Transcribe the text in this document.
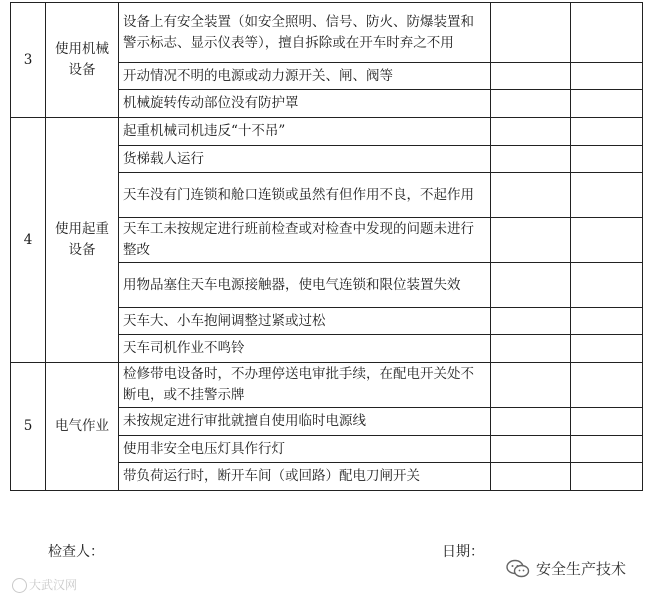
3	使用机械设备	设备上有安全装置（如安全照明、信号、防火、防爆装置和警示标志、显示仪表等），擅自拆除或在开车时弃之不用		
		开动情况不明的电源或动力源开关、闸、阀等		
		机械旋转传动部位没有防护罩		
4	使用起重设备	起重机械司机违反“十不吊”		
		货梯载人运行		
		天车没有门连锁和舱口连锁或虽然有但作用不良，不起作用		
		天车工未按规定进行班前检查或对检查中发现的问题未进行整改		
		用物品塞住天车电源接触器，使电气连锁和限位装置失效		
		天车大、小车抱闸调整过紧或过松		
		天车司机作业不鸣铃		
5	电气作业	检修带电设备时，不办理停送电审批手续，在配电开关处不断电，或不挂警示牌		
		未按规定进行审批就擅自使用临时电源线		
		使用非安全电压灯具作行灯		
		带负荷运行时，断开车间（或回路）配电刀闸开关		
检查人：	日期：
大武汉网
安全生产技术
